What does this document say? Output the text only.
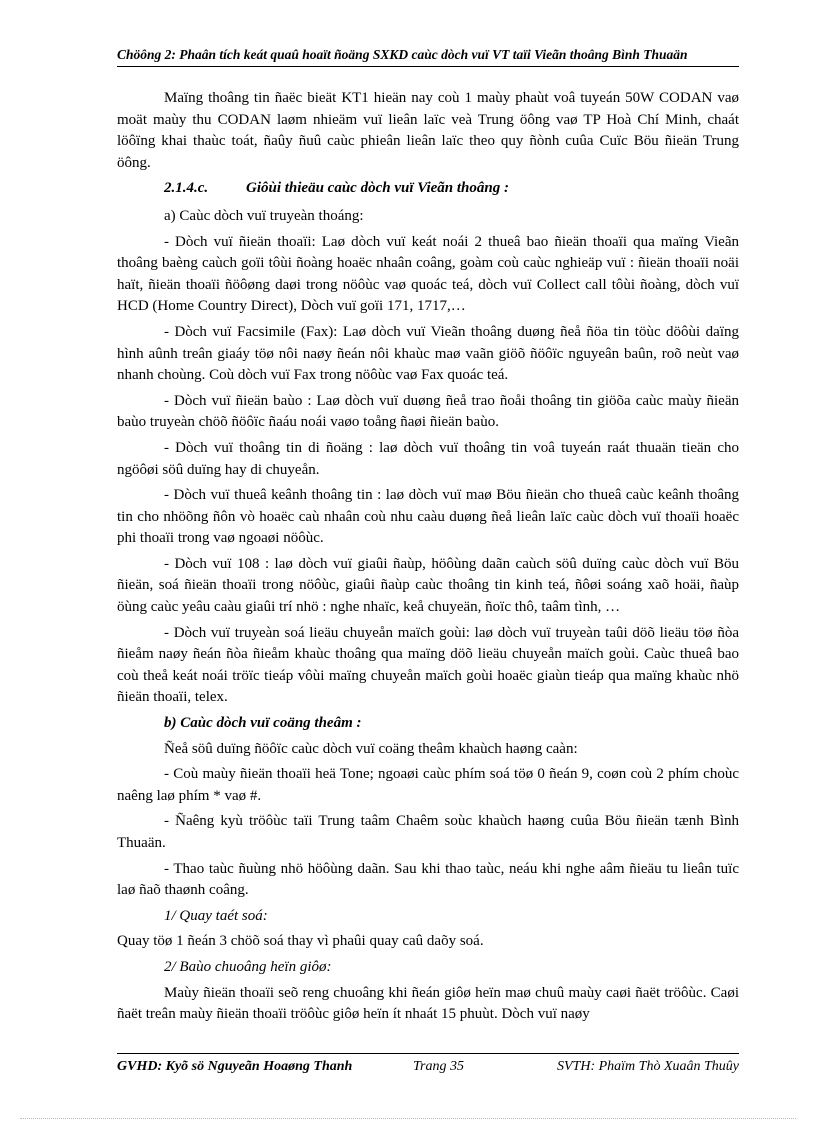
Chöông 2: Phaân tích keát quaû hoaït ñoäng SXKD caùc dòch vuï VT taïi Vieãn thoâng Bình Thuaän

Maïng thoâng tin ñaëc bieät KT1 hieän nay coù 1 maùy phaùt voâ tuyeán 50W CODAN vaø moät maùy thu CODAN laøm nhieäm vuï lieân laïc veà Trung öông vaø TP Hoà Chí Minh, chaát löôïng khai thaùc toát, ñaûy ñuû caùc phieân lieân laïc theo quy ñònh cuûa Cuïc Böu ñieän Trung öông.

2.1.4.c.	Giôùi thieäu caùc dòch vuï Vieãn thoâng :

a) Caùc dòch vuï truyeàn thoáng:

- Dòch vuï ñieän thoaïi: Laø dòch vuï keát noái 2 thueâ bao ñieän thoaïi qua maïng Vieãn thoâng baèng caùch goïi tôùi ñoàng hoaëc nhaân coâng, goàm coù caùc nghieäp vuï : ñieän thoaïi noäi haït, ñieän thoaïi ñöôøng daøi trong nöôùc vaø quoác teá, dòch vuï Collect call tôùi ñoàng, dòch vuï HCD (Home Country Direct), Dòch vuï goïi 171, 1717,…

- Dòch vuï Facsimile (Fax): Laø dòch vuï Vieãn thoâng duøng ñeå ñöa tin töùc döôùi daïng hình aûnh treân giaáy töø nôi naøy ñeán nôi khaùc maø vaãn giöõ ñöôïc nguyeân baûn, roõ neùt vaø nhanh choùng. Coù dòch vuï Fax trong nöôùc vaø Fax quoác teá.

- Dòch vuï ñieän baùo : Laø dòch vuï duøng ñeå trao ñoåi thoâng tin giöõa caùc maùy ñieän baùo truyeàn chöõ ñöôïc ñaáu noái vaøo toång ñaøi ñieän baùo.

- Dòch vuï thoâng tin di ñoäng : laø dòch vuï thoâng tin voâ tuyeán raát thuaän tieän cho ngöôøi söû duïng hay di chuyeån.

- Dòch vuï thueâ keânh thoâng tin : laø dòch vuï maø Böu ñieän cho thueâ caùc keânh thoâng tin cho nhöõng ñôn vò hoaëc caù nhaân coù nhu caàu duøng ñeå lieân laïc caùc dòch vuï thoaïi hoaëc phi thoaïi trong vaø ngoaøi nöôùc.

- Dòch vuï 108 : laø dòch vuï giaûi ñaùp, höôùng daãn caùch söû duïng caùc dòch vuï Böu ñieän, soá ñieän thoaïi trong nöôùc, giaûi ñaùp caùc thoâng tin kinh teá, ñôøi soáng xaõ hoäi, ñaùp öùng caùc yeâu caàu giaûi trí nhö : nghe nhaïc, keå chuyeän, ñoïc thô, taâm tình, …

- Dòch vuï truyeàn soá lieäu chuyeån maïch goùi: laø dòch vuï truyeàn taûi döõ lieäu töø ñòa ñieåm naøy ñeán ñòa ñieåm khaùc thoâng qua maïng döõ lieäu chuyeån maïch goùi. Caùc thueâ bao coù theå keát noái tröïc tieáp vôùi maïng chuyeån maïch goùi hoaëc giaùn tieáp qua maïng khaùc nhö ñieän thoaïi, telex.

b) Caùc dòch vuï coäng theâm :

Ñeå söû duïng ñöôïc caùc dòch vuï coäng theâm khaùch haøng caàn:

- Coù maùy ñieän thoaïi heä Tone; ngoaøi caùc phím soá töø 0 ñeán 9, coøn coù 2 phím choùc naêng laø phím * vaø #.

- Ñaêng kyù tröôùc taïi Trung taâm Chaêm soùc khaùch haøng cuûa Böu ñieän tænh Bình Thuaän.

- Thao taùc ñuùng nhö höôùng daãn. Sau khi thao taùc, neáu khi nghe aâm ñieäu tu lieân tuïc laø ñaõ thaønh coâng.

1/ Quay taét soá:

Quay töø 1 ñeán 3 chöõ soá thay vì phaûi quay caû daõy soá.

2/ Baùo chuoâng heïn giôø:

Maùy ñieän thoaïi seõ reng chuoâng khi ñeán giôø heïn maø chuû maùy caøi ñaët tröôùc. Caøi ñaët treân maùy ñieän thoaïi tröôùc giôø heïn ít nhaát 15 phuùt. Dòch vuï naøy

GVHD: Kyõ sö Nguyeãn Hoaøng Thanh	Trang 35	SVTH: Phaïm Thò Xuaân Thuûy
